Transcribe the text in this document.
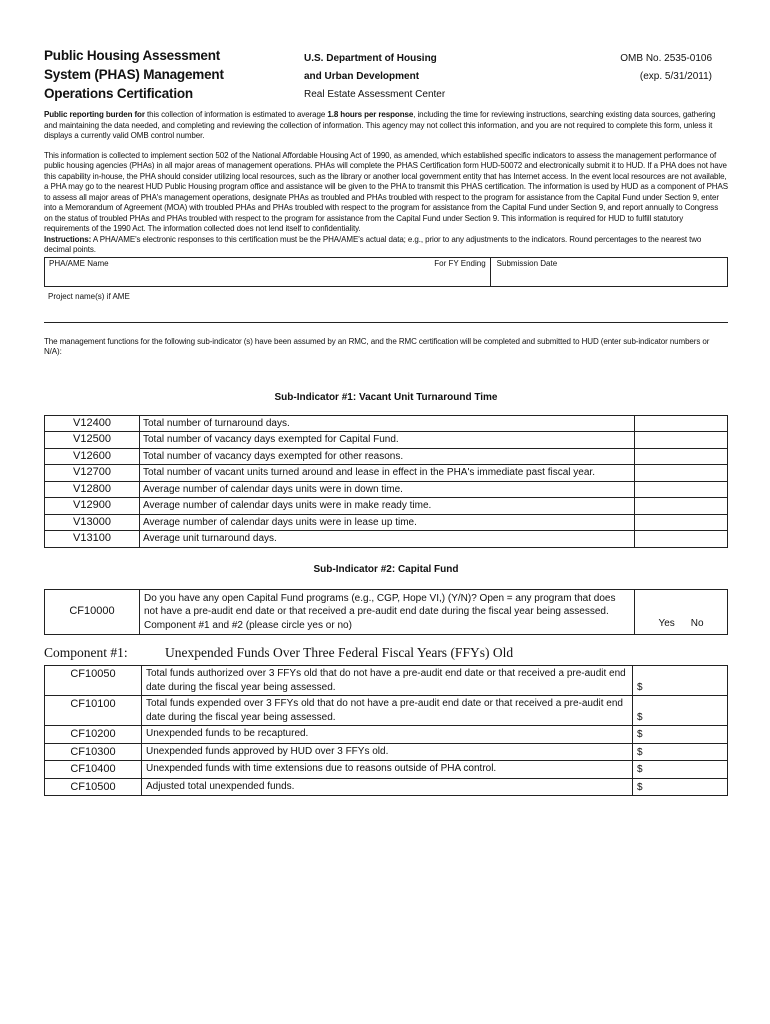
Public Housing Assessment
System (PHAS) Management
Operations Certification
U.S. Department of Housing
and Urban Development
Real Estate Assessment Center
OMB No. 2535-0106
(exp. 5/31/2011)
Public reporting burden for this collection of information is estimated to average 1.8 hours per response, including the time for reviewing instructions, searching existing data sources, gathering and maintaining the data needed, and completing and reviewing the collection of information. This agency may not collect this information, and you are not required to complete this form, unless it displays a currently valid OMB control number.
This information is collected to implement section 502 of the National Affordable Housing Act of 1990, as amended, which established specific indicators to assess the management performance of public housing agencies (PHAs) in all major areas of management operations. PHAs will complete the PHAS Certification form HUD-50072 and electronically submit it to HUD. If a PHA does not have this capability in-house, the PHA should consider utilizing local resources, such as the library or another local government entity that has Internet access. In the event local resources are not available, a PHA may go to the nearest HUD Public Housing program office and assistance will be given to the PHA to transmit this PHAS certification. The information is used by HUD as a component of PHAS to assess all major areas of PHA's management operations, designate PHAs as troubled and PHAs troubled with respect to the program for assistance from the Capital Fund under Section 9, enter into a Memorandum of Agreement (MOA) with troubled PHAs and PHAs troubled with respect to the program for assistance from the Capital Fund under Section 9, and report annually to Congress on the status of troubled PHAs and PHAs troubled with respect to the program for assistance from the Capital Fund under Section 9. This information is required for HUD to fulfill statutory requirements of the 1990 Act. The information collected does not lend itself to confidentiality.
Instructions: A PHA/AME's electronic responses to this certification must be the PHA/AME's actual data; e.g., prior to any adjustments to the indicators. Round percentages to the nearest two decimal points.
PHA/AME Name	For FY Ending	Submission Date
Project name(s) if AME
The management functions for the following sub-indicator (s) have been assumed by an RMC, and the RMC certification will be completed and submitted to HUD (enter sub-indicator numbers or N/A):
Sub-Indicator #1: Vacant Unit Turnaround Time
V12400	Total number of turnaround days.	
V12500	Total number of vacancy days exempted for Capital Fund.	
V12600	Total number of vacancy days exempted for other reasons.	
V12700	Total number of vacant units turned around and lease in effect in the PHA's immediate past fiscal year.	
V12800	Average number of calendar days units were in down time.	
V12900	Average number of calendar days units were in make ready time.	
V13000	Average number of calendar days units were in lease up time.	
V13100	Average unit turnaround days.	
Sub-Indicator #2: Capital Fund
CF10000	Do you have any open Capital Fund programs (e.g., CGP, Hope VI,) (Y/N)? Open = any program that does not have a pre-audit end date or that received a pre-audit end date during the fiscal year being assessed. Component #1 and #2 (please circle yes or no)	Yes No
Component #1:	Unexpended Funds Over Three Federal Fiscal Years (FFYs) Old
CF10050	Total funds authorized over 3 FFYs old that do not have a pre-audit end date or that received a pre-audit end date during the fiscal year being assessed.	$
CF10100	Total funds expended over 3 FFYs old that do not have a pre-audit end date or that received a pre-audit end date during the fiscal year being assessed.	$
CF10200	Unexpended funds to be recaptured.	$
CF10300	Unexpended funds approved by HUD over 3 FFYs old.	$
CF10400	Unexpended funds with time extensions due to reasons outside of PHA control.	$
CF10500	Adjusted total unexpended funds.	$
